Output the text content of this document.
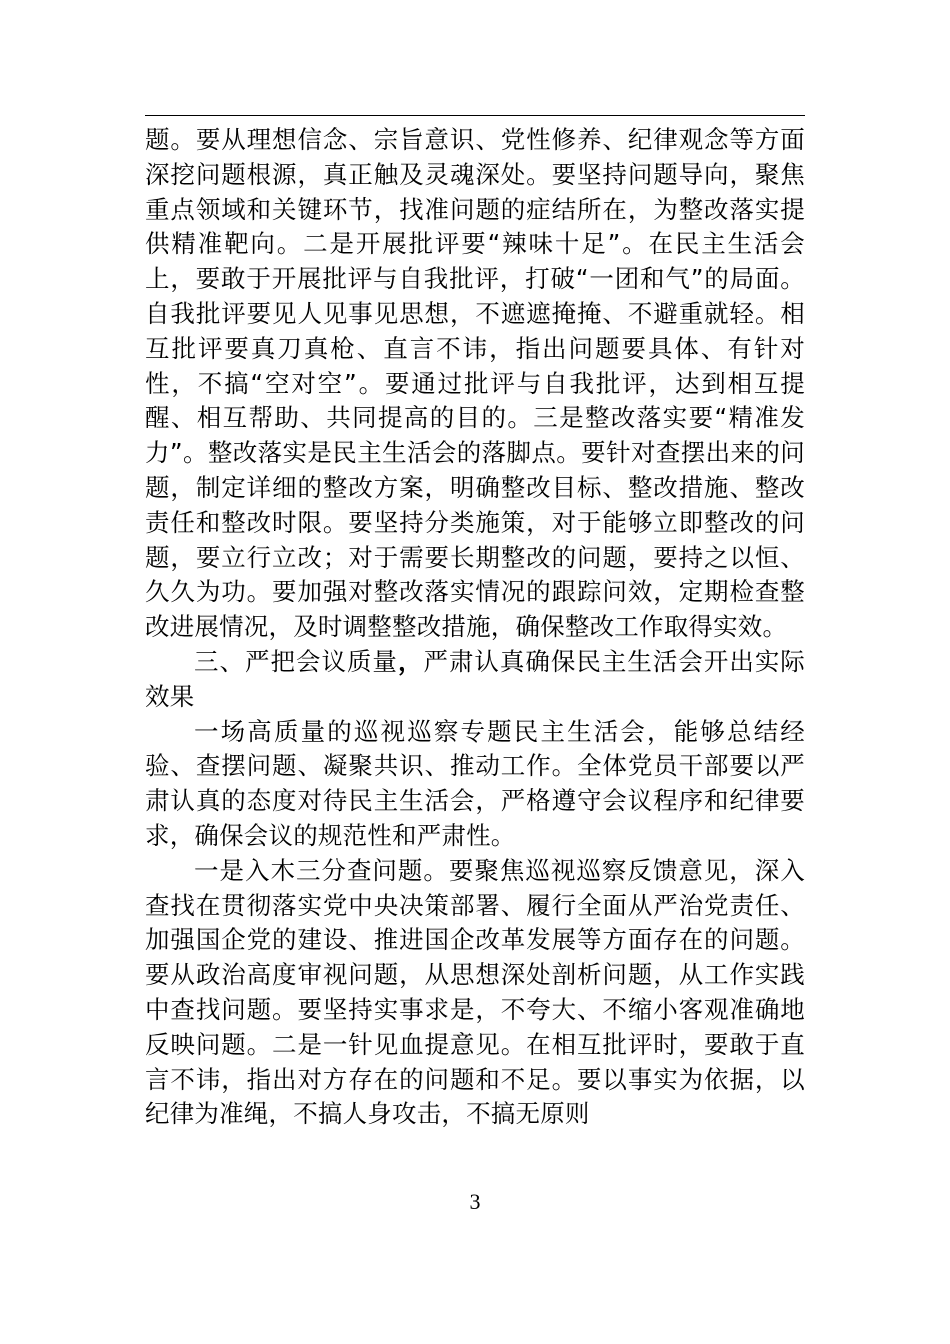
题。要从理想信念、宗旨意识、党性修养、纪律观念等方面深挖问题根源，真正触及灵魂深处。要坚持问题导向，聚焦重点领域和关键环节，找准问题的症结所在，为整改落实提供精准靶向。二是开展批评要“辣味十足”。在民主生活会上，要敢于开展批评与自我批评，打破“一团和气”的局面。自我批评要见人见事见思想，不遮遮掩掩、不避重就轻。相互批评要真刀真枪、直言不讳，指出问题要具体、有针对性，不搞“空对空”。要通过批评与自我批评，达到相互提醒、相互帮助、共同提高的目的。三是整改落实要“精准发力”。整改落实是民主生活会的落脚点。要针对查摆出来的问题，制定详细的整改方案，明确整改目标、整改措施、整改责任和整改时限。要坚持分类施策，对于能够立即整改的问题，要立行立改；对于需要长期整改的问题，要持之以恒、久久为功。要加强对整改落实情况的跟踪问效，定期检查整改进展情况，及时调整整改措施，确保整改工作取得实效。

三、严把会议质量，严肃认真确保民主生活会开出实际效果

一场高质量的巡视巡察专题民主生活会，能够总结经验、查摆问题、凝聚共识、推动工作。全体党员干部要以严肃认真的态度对待民主生活会，严格遵守会议程序和纪律要求，确保会议的规范性和严肃性。

一是入木三分查问题。要聚焦巡视巡察反馈意见，深入查找在贯彻落实党中央决策部署、履行全面从严治党责任、加强国企党的建设、推进国企改革发展等方面存在的问题。要从政治高度审视问题，从思想深处剖析问题，从工作实践中查找问题。要坚持实事求是，不夸大、不缩小客观准确地反映问题。二是一针见血提意见。在相互批评时，要敢于直言不讳，指出对方存在的问题和不足。要以事实为依据，以纪律为准绳，不搞人身攻击，不搞无原则

3
